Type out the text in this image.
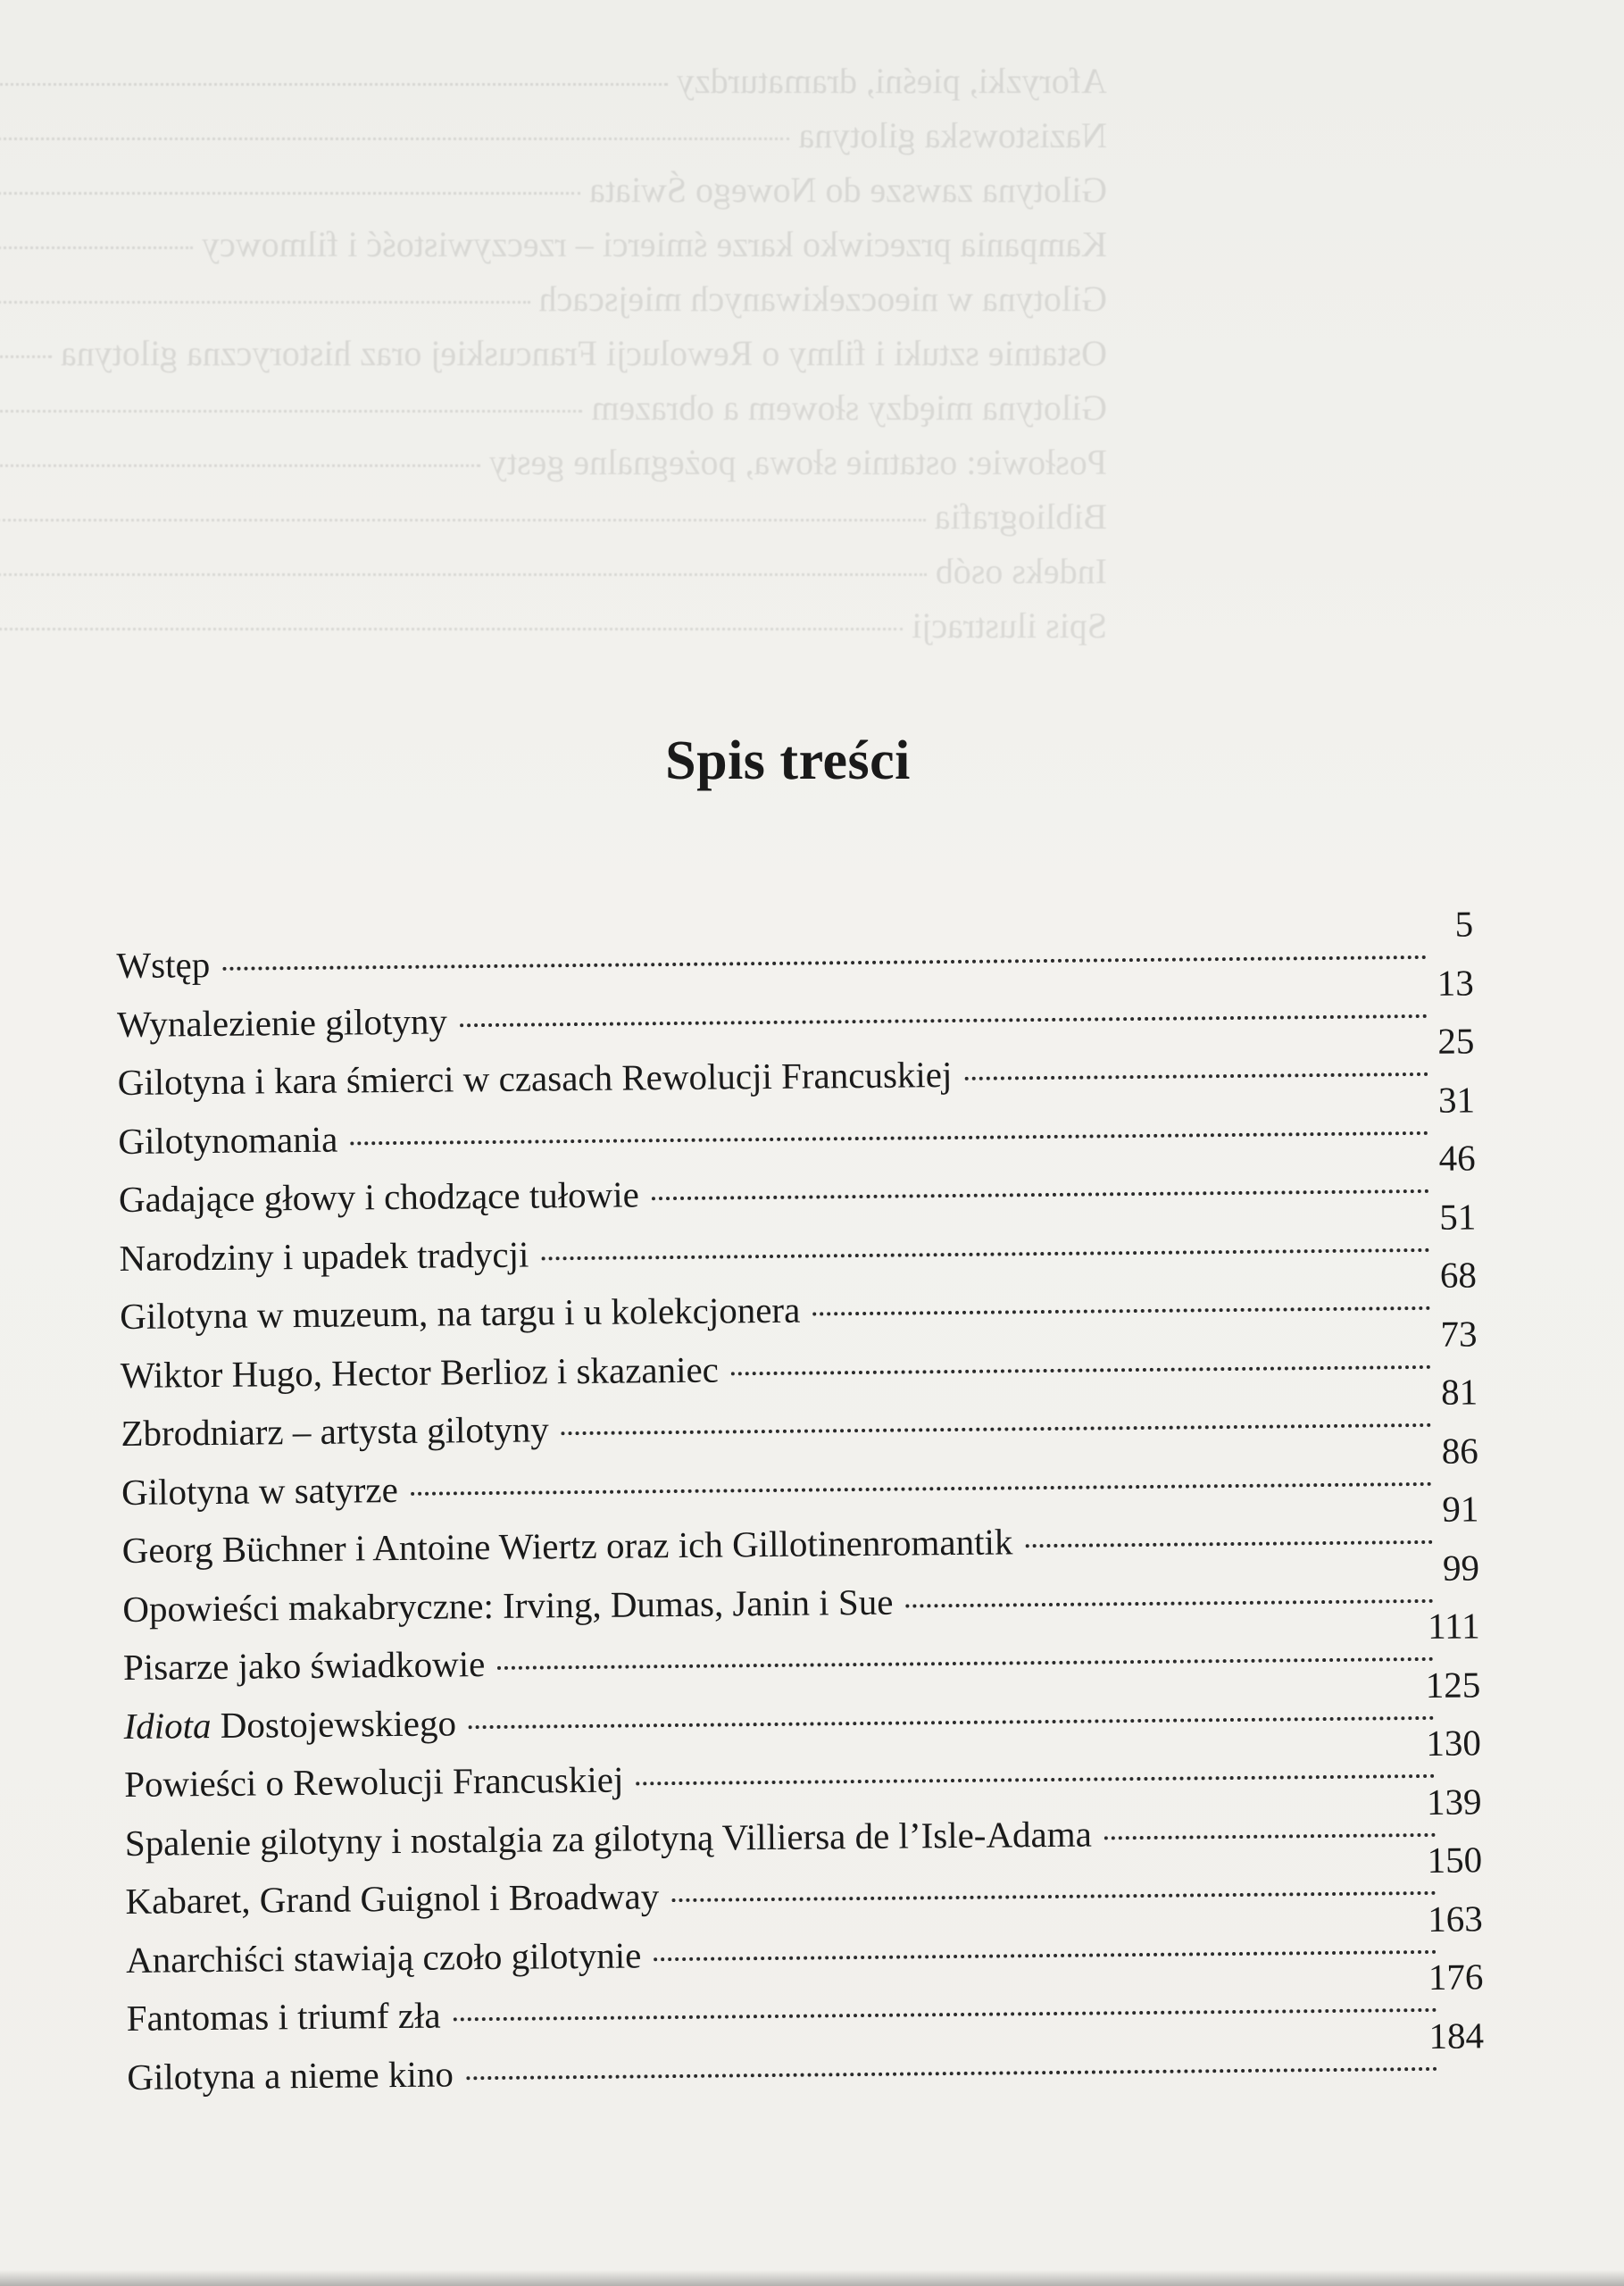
Aforyzki, pieśni, dramaturdzy
Nazistowska gilotyna
Gilotyna zawsze do Nowego Świata
Kampania przeciwko karze śmierci – rzeczywistość i filmowcy
Gilotyna w nieoczekiwanych miejscach
Ostatnie sztuki i filmy o Rewolucji Francuskiej oraz historyczna gilotyna
Gilotyna między słowem a obrazem
Posłowie: ostatnie słowa, pożegnalne gesty
Bibliografia
Indeks osób
Spis ilustracji
Spis treści
Wstęp
5
Wynalezienie gilotyny
13
Gilotyna i kara śmierci w czasach Rewolucji Francuskiej
25
Gilotynomania
31
Gadające głowy i chodzące tułowie
46
Narodziny i upadek tradycji
51
Gilotyna w muzeum, na targu i u kolekcjonera
68
Wiktor Hugo, Hector Berlioz i skazaniec
73
Zbrodniarz – artysta gilotyny
81
Gilotyna w satyrze
86
Georg Büchner i Antoine Wiertz oraz ich Gillotinenromantik
91
Opowieści makabryczne: Irving, Dumas, Janin i Sue
99
Pisarze jako świadkowie
111
Idiota Dostojewskiego
125
Powieści o Rewolucji Francuskiej
130
Spalenie gilotyny i nostalgia za gilotyną Villiersa de l’Isle-Adama
139
Kabaret, Grand Guignol i Broadway
150
Anarchiści stawiają czoło gilotynie
163
Fantomas i triumf zła
176
Gilotyna a nieme kino
184
